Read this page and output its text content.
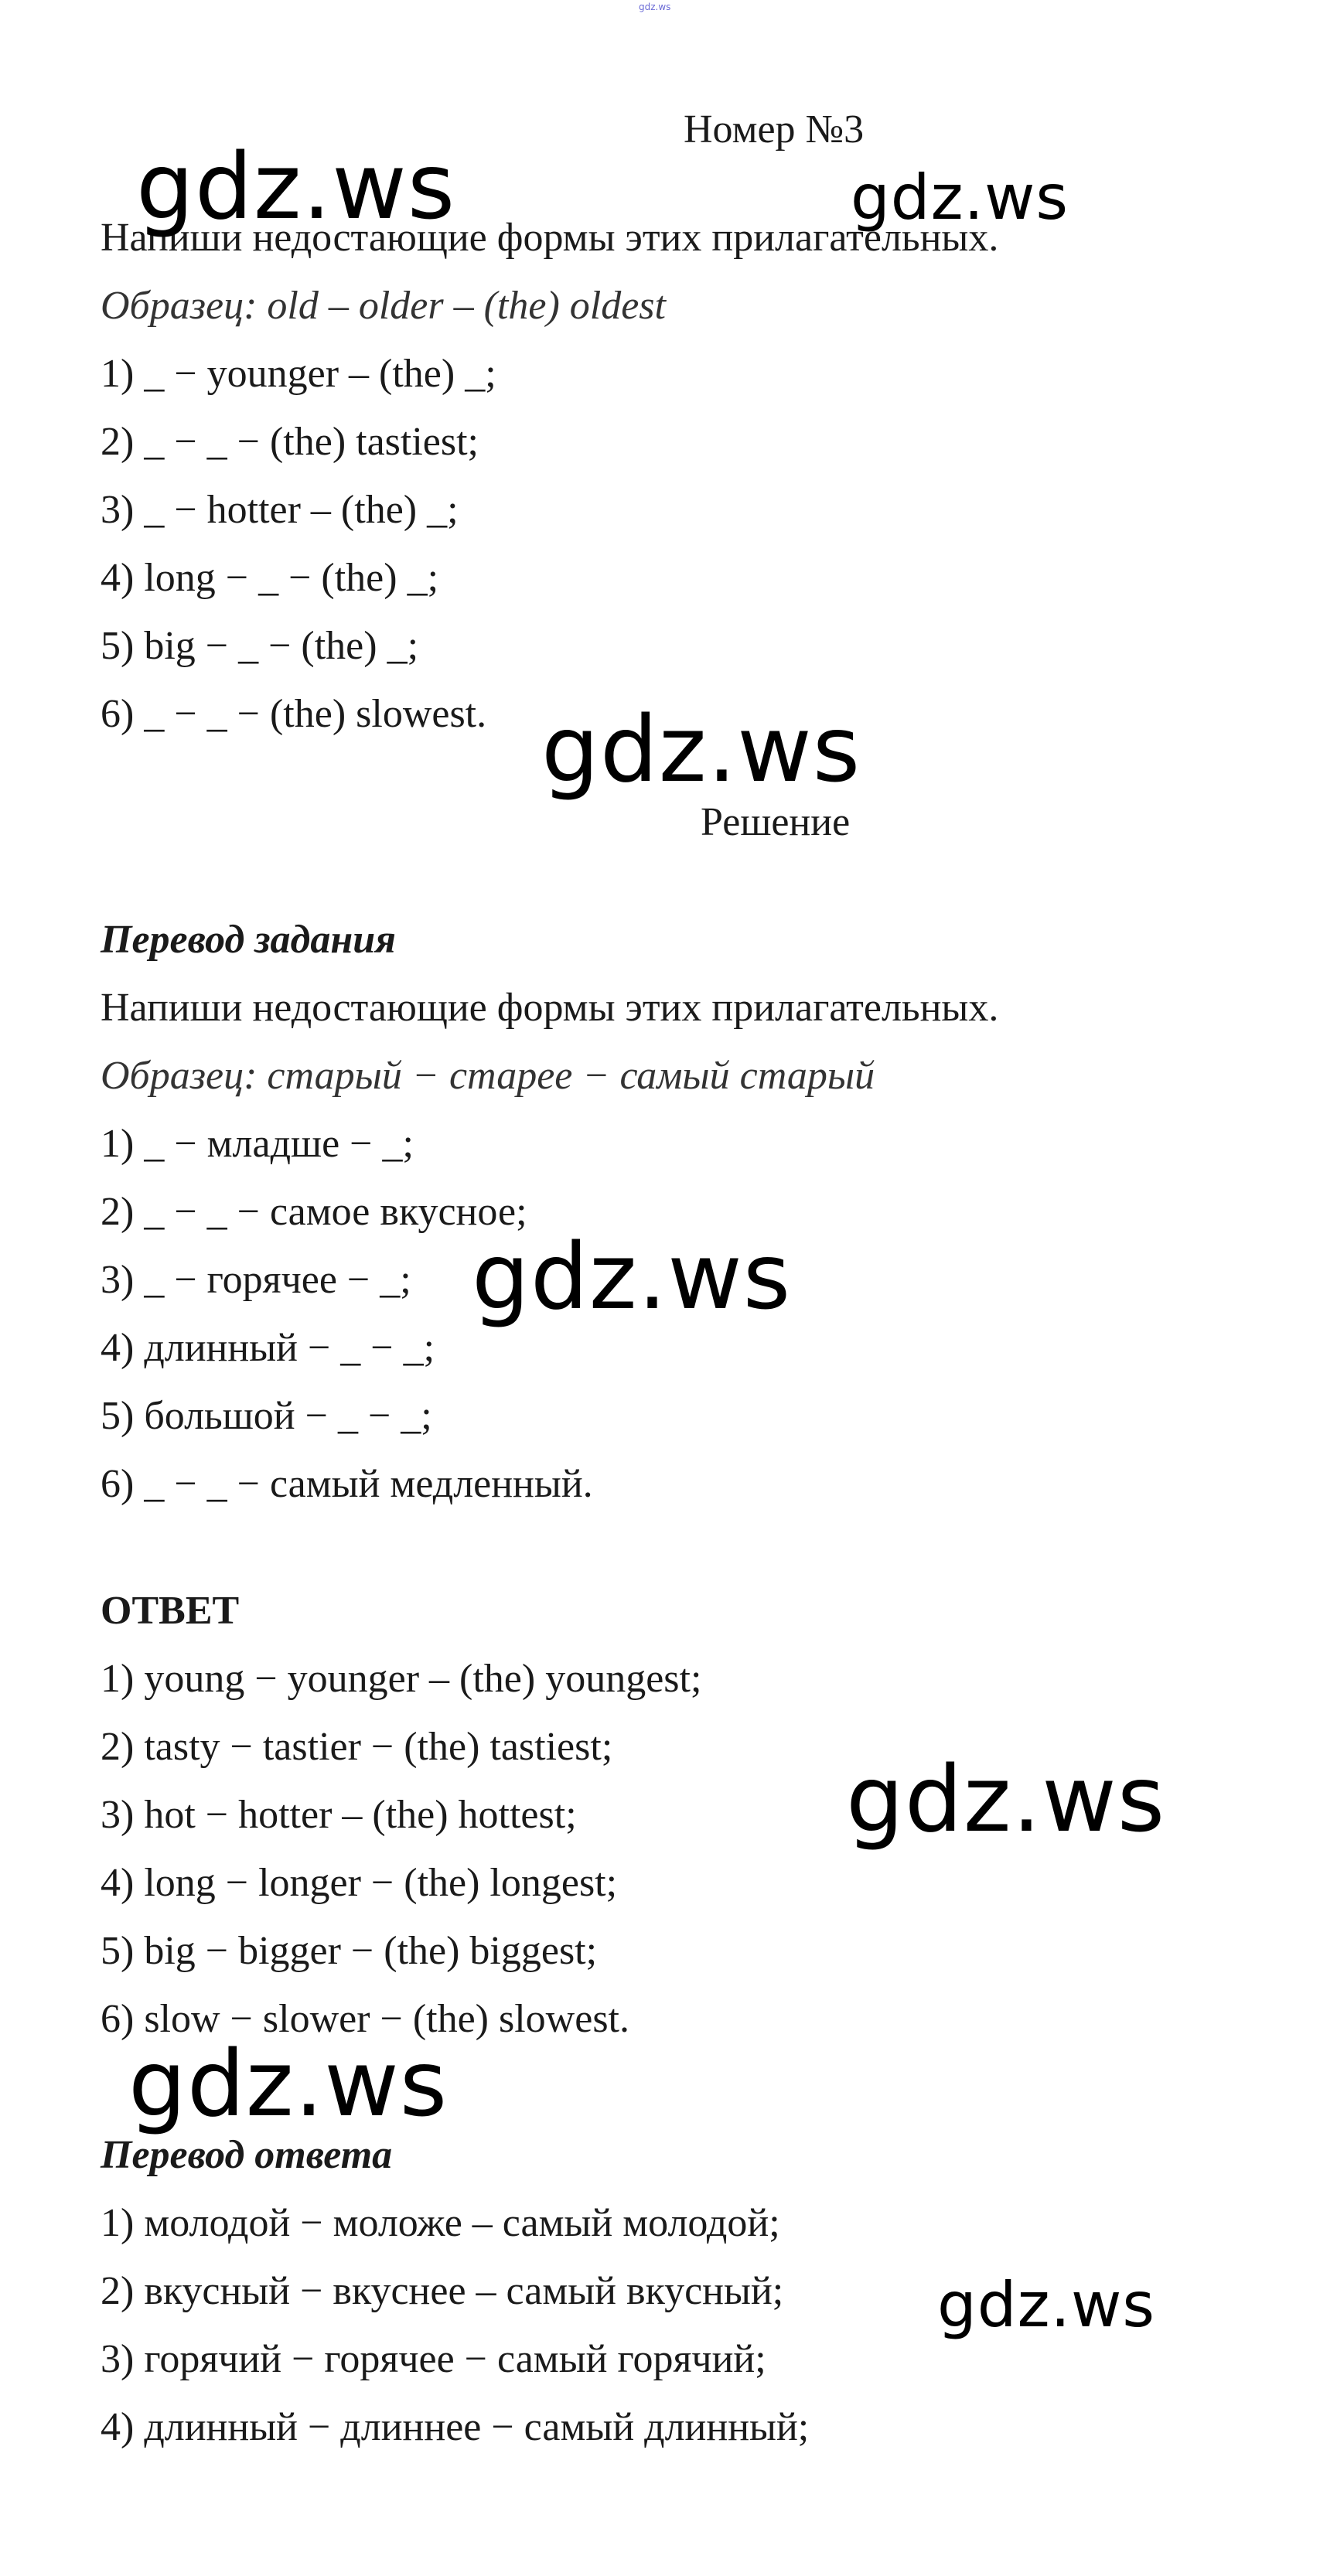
gdz.ws
Номер №3
Напиши недостающие формы этих прилагательных.
Образец: old – older – (the) oldest
1) _ − younger – (the) _;
2) _ − _ − (the) tastiest;
3) _ − hotter – (the) _;
4) long − _ − (the) _;
5) big − _ − (the) _;
6) _ − _ − (the) slowest.
Решение
Перевод задания
Напиши недостающие формы этих прилагательных.
Образец: старый − старее − самый старый
1) _ − младше − _;
2) _ − _ − самое вкусное;
3) _ − горячее − _;
4) длинный − _ − _;
5) большой − _ − _;
6) _ − _ − самый медленный.
ОТВЕТ
1) young − younger – (the) youngest;
2) tasty − tastier − (the) tastiest;
3) hot − hotter – (the) hottest;
4) long − longer − (the) longest;
5) big − bigger − (the) biggest;
6) slow − slower − (the) slowest.
Перевод ответа
1) молодой − моложе – самый молодой;
2) вкусный − вкуснее – самый вкусный;
3) горячий − горячее − самый горячий;
4) длинный − длиннее − самый длинный;
gdz.ws	gdz.ws
gdz.ws
gdz.ws
gdz.ws
gdz.ws
gdz.ws
